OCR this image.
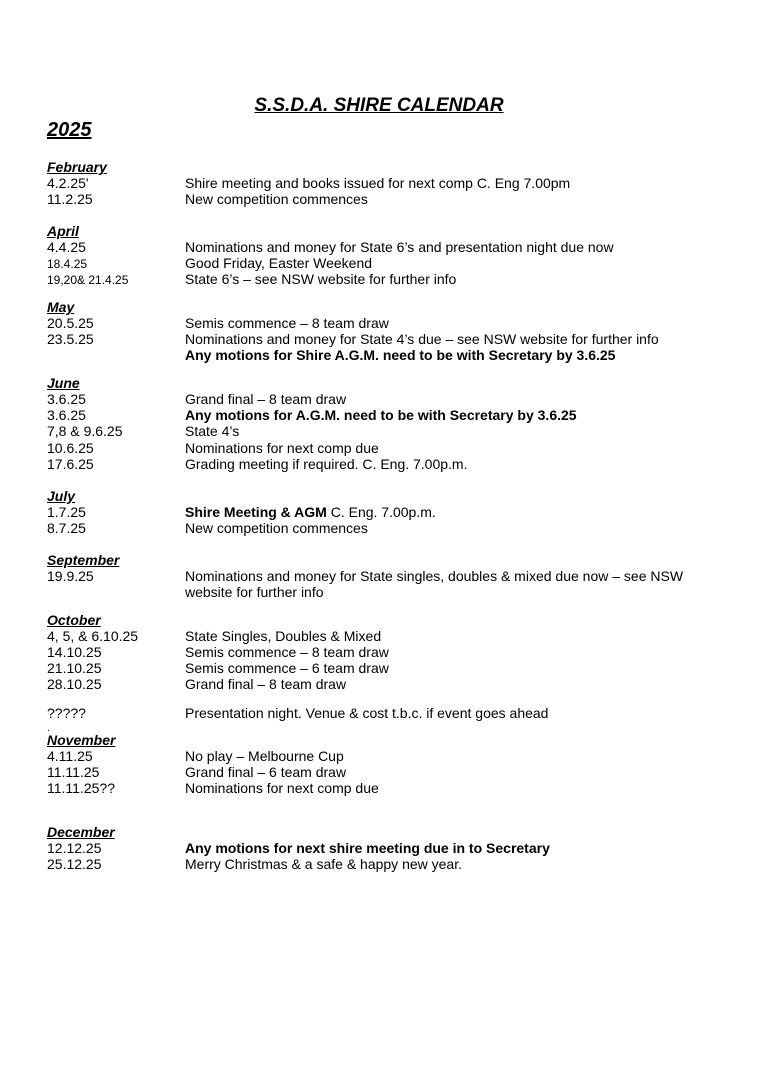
S.S.D.A. SHIRE CALENDAR
2025
February
4.2.25'	Shire meeting and books issued for next comp C. Eng 7.00pm
11.2.25	New competition commences
April
4.4.25	Nominations and money for State 6’s and presentation night due now
18.4.25	Good Friday, Easter Weekend
19,20& 21.4.25	State 6’s – see NSW website for further info
May
20.5.25	Semis commence – 8 team draw
23.5.25	Nominations and money for State 4’s due – see NSW website for further info
Any motions for Shire A.G.M. need to be with Secretary by 3.6.25
June
3.6.25	Grand final – 8 team draw
3.6.25	Any motions for A.G.M. need to be with Secretary by 3.6.25
7,8 & 9.6.25	State 4’s
10.6.25	Nominations for next comp due
17.6.25	Grading meeting if required. C. Eng. 7.00p.m.
July
1.7.25	Shire Meeting & AGM C. Eng. 7.00p.m.
8.7.25	New competition commences
September
19.9.25	Nominations and money for State singles, doubles & mixed due now – see NSW
website for further info
October
4, 5, & 6.10.25	State Singles, Doubles & Mixed
14.10.25	Semis commence – 8 team draw
21.10.25	Semis commence – 6 team draw
28.10.25	Grand final – 8 team draw
?????	Presentation night. Venue & cost t.b.c. if event goes ahead
.
November
4.11.25	No play – Melbourne Cup
11.11.25	Grand final – 6 team draw
11.11.25??	Nominations for next comp due
December
12.12.25	Any motions for next shire meeting due in to Secretary
25.12.25	Merry Christmas & a safe & happy new year.
